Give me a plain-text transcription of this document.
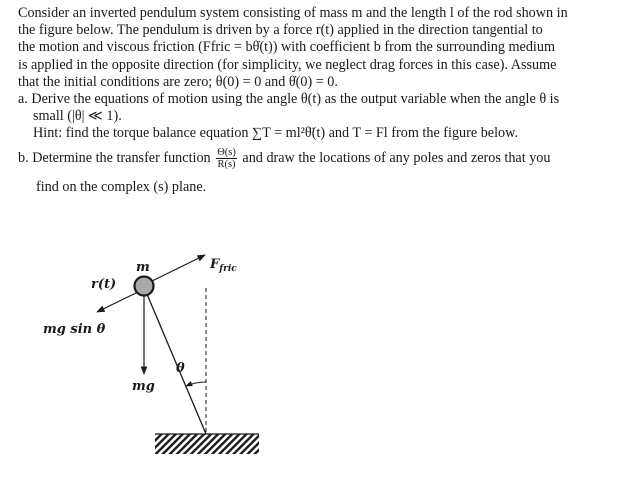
Consider an inverted pendulum system consisting of mass m and the length l of the rod shown in
the figure below. The pendulum is driven by a force r(t) applied in the direction tangential to
the motion and viscous friction (Ffric = bθ̇(t)) with coefficient b from the surrounding medium
is applied in the opposite direction (for simplicity, we neglect drag forces in this case). Assume
that the initial conditions are zero; θ(0) = 0 and θ̇(0) = 0.
a. Derive the equations of motion using the angle θ(t) as the output variable when the angle θ is
small (|θ| ≪ 1).
Hint: find the torque balance equation ∑T = ml²θ̈(t) and T = Fl from the figure below.
b. Determine the transfer function $\frac{\Theta(s)}{R(s)}$ and draw the locations of any poles and zeros that you
find on the complex (s) plane.
m	$F_{fric}$
r(t)
mg sin θ
θ
mg
